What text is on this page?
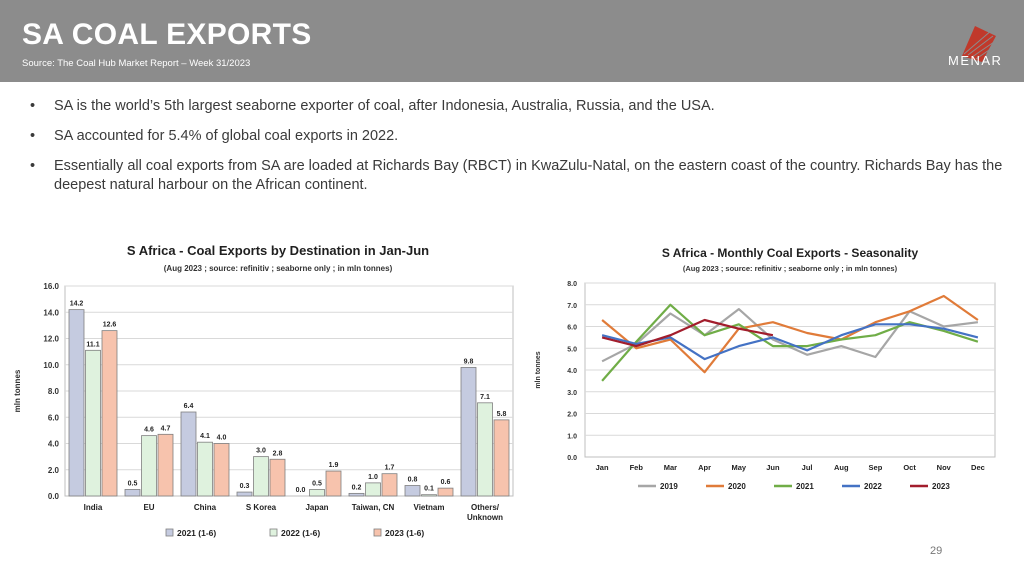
SA COAL EXPORTS
Source: The Coal Hub Market Report – Week 31/2023	MENAR
• SA is the world’s 5th largest seaborne exporter of coal, after Indonesia, Australia, Russia, and the USA.
• SA accounted for 5.4% of global coal exports in 2022.
• Essentially all coal exports from SA are loaded at Richards Bay (RBCT) in KwaZulu-Natal, on the eastern coast of the country. Richards Bay has the deepest natural harbour on the African continent.
S Africa - Coal Exports by Destination in Jan-Jun
(Aug 2023 ; source: refinitiv ; seaborne only ; in mln tonnes)
0.0
2.0
4.0
6.0
8.0
10.0
12.0
14.0
16.0
mln tonnes
14.2
11.1
12.6
India
0.5
4.6 4.7
EU
6.4
4.1 4.0
China
0.3
3.0 2.8
S Korea
0.0
0.5
1.9
Japan
0.2
1.0
1.7
Taiwan, CN
0.8
0.1
0.6
Vietnam
9.8
7.1
5.8
Others/
Unknown
2021 (1-6)	2022 (1-6)	2023 (1-6)
S Africa - Monthly Coal Exports - Seasonality
(Aug 2023 ; source: refinitiv ; seaborne only ; in mln tonnes)
0.0
1.0
2.0
3.0
4.0
5.0
6.0
7.0
8.0
mln tonnes
Jan	Feb	Mar	Apr	May	Jun	Jul	Aug	Sep	Oct	Nov	Dec
2019	2020	2021	2022	2023
29
